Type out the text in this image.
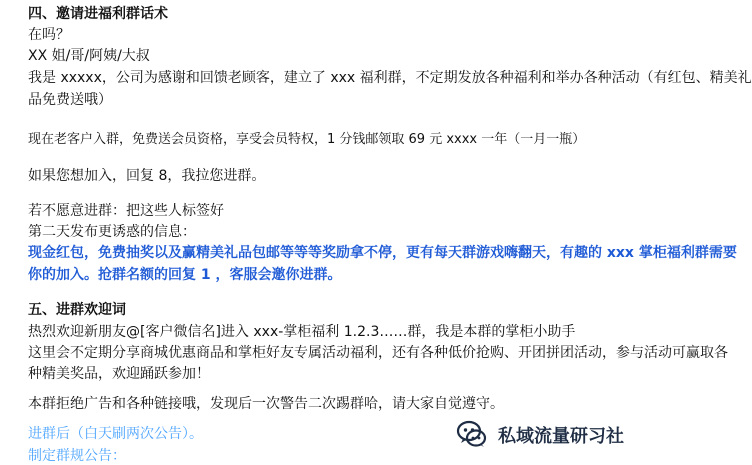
四、邀请进福利群话术
在吗？
XX 姐/哥/阿姨/大叔
我是 xxxxx，公司为感谢和回馈老顾客，建立了 xxx 福利群，不定期发放各种福利和举办各种活动（有红包、精美礼
品免费送哦）
现在老客户入群，免费送会员资格，享受会员特权，1 分钱邮领取 69 元 xxxx 一年（一月一瓶）
如果您想加入，回复 8，我拉您进群。
若不愿意进群：把这些人标签好
第二天发布更诱惑的信息：
现金红包，免费抽奖以及赢精美礼品包邮等等等奖励拿不停，更有每天群游戏嗨翻天，有趣的 xxx 掌柜福利群需要
你的加入。抢群名额的回复 1 ，客服会邀你进群。
五、进群欢迎词
热烈欢迎新朋友@[客户微信名]进入 xxx-掌柜福利 1.2.3……群，我是本群的掌柜小助手
这里会不定期分享商城优惠商品和掌柜好友专属活动福利，还有各种低价抢购、开团拼团活动，参与活动可赢取各
种精美奖品，欢迎踊跃参加！
本群拒绝广告和各种链接哦，发现后一次警告二次踢群哈，请大家自觉遵守。
进群后（白天刷两次公告）。
制定群规公告：
私域流量研习社
